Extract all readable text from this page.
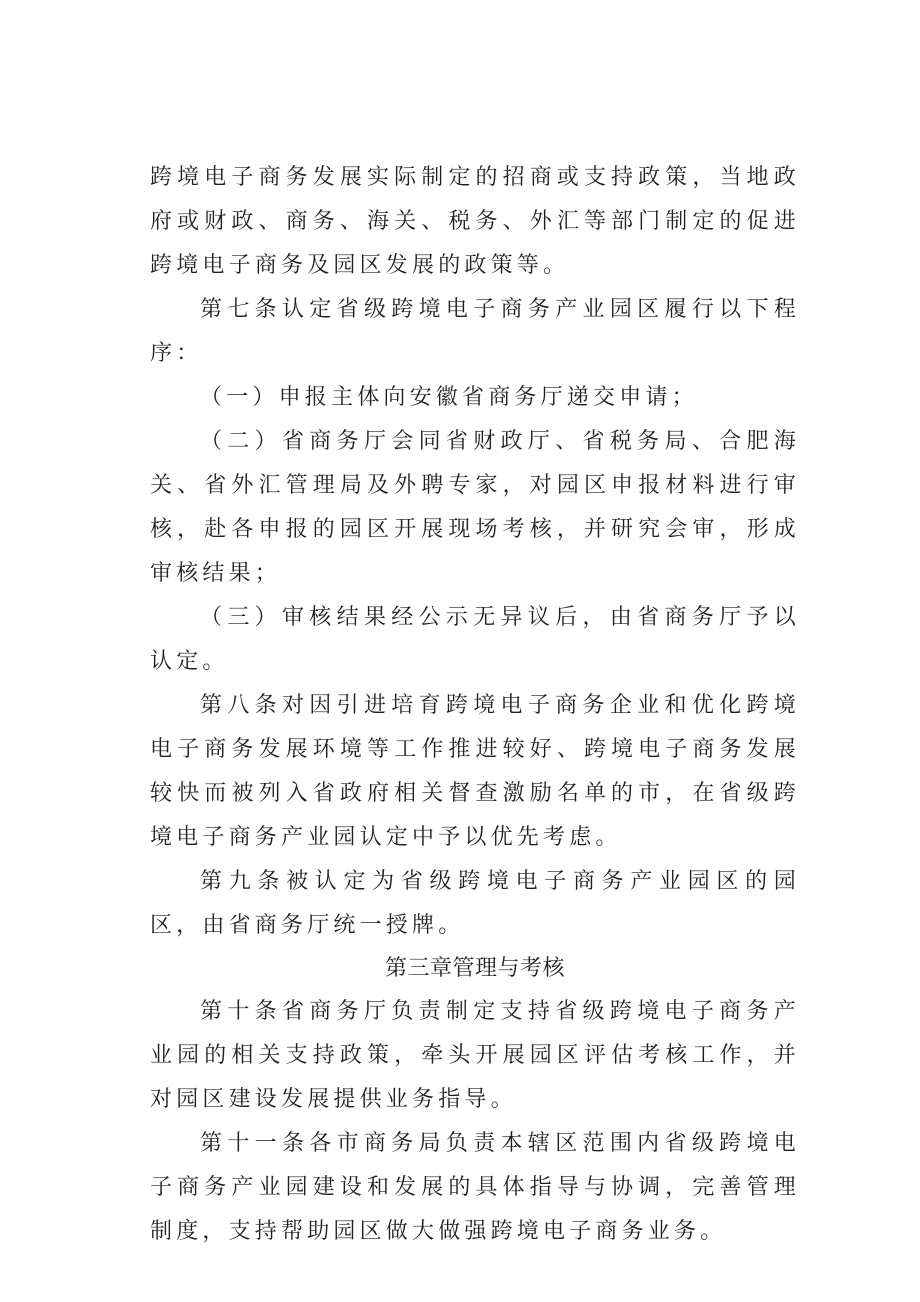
跨境电子商务发展实际制定的招商或支持政策，当地政府或财政、商务、海关、税务、外汇等部门制定的促进跨境电子商务及园区发展的政策等。

第七条认定省级跨境电子商务产业园区履行以下程序：

（一）申报主体向安徽省商务厅递交申请；

（二）省商务厅会同省财政厅、省税务局、合肥海关、省外汇管理局及外聘专家，对园区申报材料进行审核，赴各申报的园区开展现场考核，并研究会审，形成审核结果；

（三）审核结果经公示无异议后，由省商务厅予以认定。

第八条对因引进培育跨境电子商务企业和优化跨境电子商务发展环境等工作推进较好、跨境电子商务发展较快而被列入省政府相关督查激励名单的市，在省级跨境电子商务产业园认定中予以优先考虑。

第九条被认定为省级跨境电子商务产业园区的园区，由省商务厅统一授牌。

第三章管理与考核

第十条省商务厅负责制定支持省级跨境电子商务产业园的相关支持政策，牵头开展园区评估考核工作，并对园区建设发展提供业务指导。

第十一条各市商务局负责本辖区范围内省级跨境电子商务产业园建设和发展的具体指导与协调，完善管理制度，支持帮助园区做大做强跨境电子商务业务。
